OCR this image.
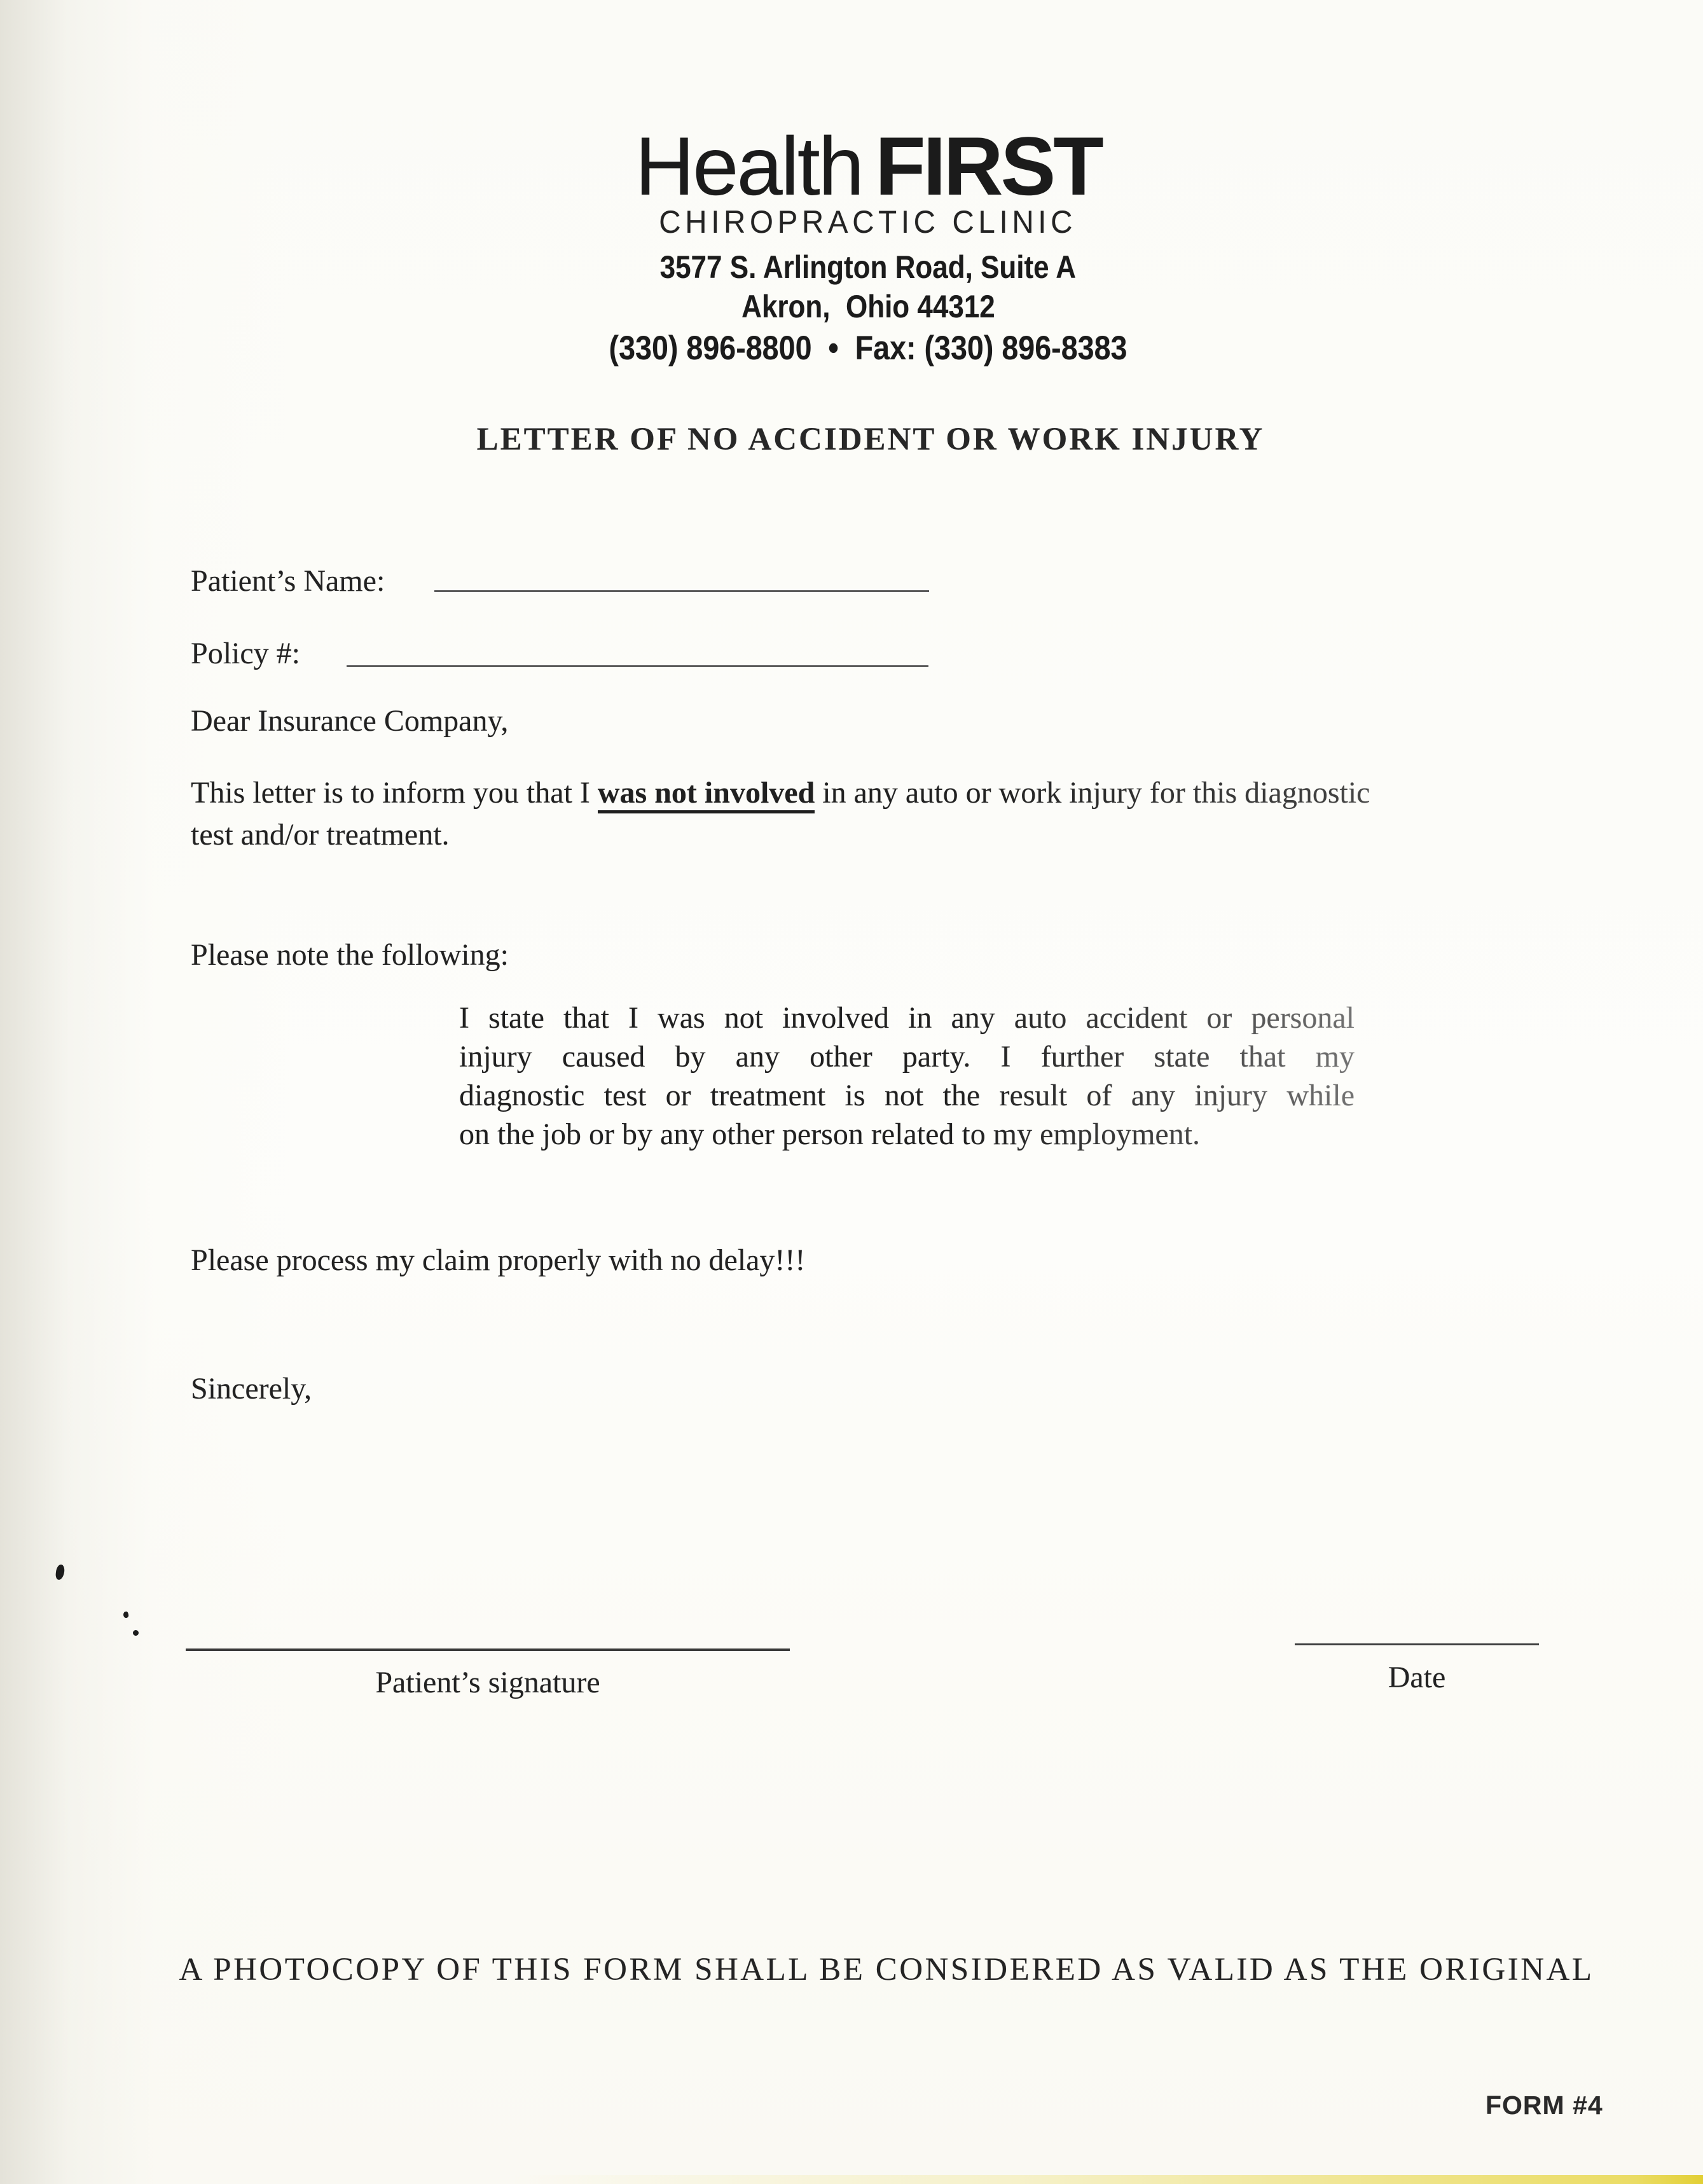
Health FIRST
CHIROPRACTIC CLINIC
3577 S. Arlington Road, Suite A
Akron,  Ohio 44312
(330) 896-8800  •  Fax: (330) 896-8383
LETTER OF NO ACCIDENT OR WORK INJURY
Patient’s Name:
Policy #:
Dear Insurance Company,
This letter is to inform you that I was not involved in any auto or work injury for this diagnostic
test and/or treatment.
Please note the following:
I state that I was not involved in any auto accident or personal
injury caused by any other party. I further state that my
diagnostic test or treatment is not the result of any injury while
on the job or by any other person related to my employment.
Please process my claim properly with no delay!!!
Sincerely,
Patient’s signature	Date
A PHOTOCOPY OF THIS FORM SHALL BE CONSIDERED AS VALID AS THE ORIGINAL
FORM #4
